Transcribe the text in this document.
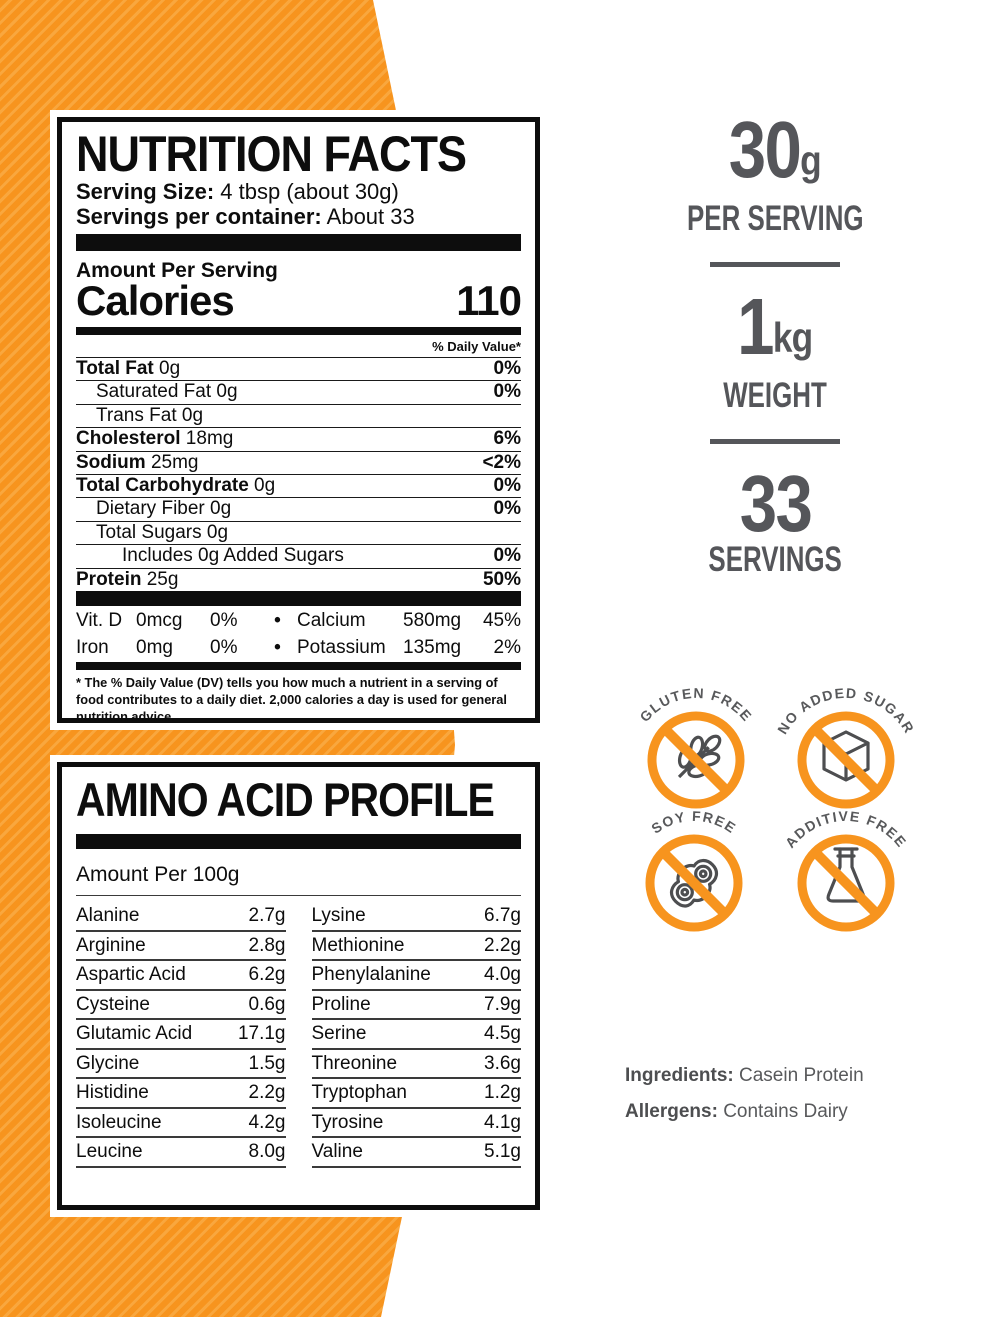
NUTRITION FACTS
Serving Size: 4 tbsp (about 30g)
Servings per container: About 33
Amount Per Serving
Calories	110
% Daily Value*
Total Fat 0g	0%
Saturated Fat 0g	0%
Trans Fat 0g
Cholesterol 18mg	6%
Sodium 25mg	<2%
Total Carbohydrate 0g	0%
Dietary Fiber 0g	0%
Total Sugars 0g
Includes 0g Added Sugars	0%
Protein 25g	50%
Vit. D 0mcg	0%	• Calcium	580mg	45%
Iron	0mg	0%	• Potassium 135mg	2%
* The % Daily Value (DV) tells you how much a nutrient in a serving of food contributes to a daily diet. 2,000 calories a day is used for general nutrition advice.
AMINO ACID PROFILE
Amount Per 100g
Alanine	2.7g
Arginine	2.8g
Aspartic Acid	6.2g
Cysteine	0.6g
Glutamic Acid 17.1g
Glycine	1.5g
Histidine	2.2g
Isoleucine	4.2g
Leucine	8.0g
Lysine	6.7g
Methionine	2.2g
Phenylalanine	4.0g
Proline	7.9g
Serine	4.5g
Threonine	3.6g
Tryptophan	1.2g
Tyrosine	4.1g
Valine	5.1g
30g
PER SERVING
1kg
WEIGHT
33
SERVINGS
GLUTEN FREE
NO ADDED SUGAR
SOY FREE
ADDITIVE FREE
Ingredients: Casein Protein
Allergens: Contains Dairy
